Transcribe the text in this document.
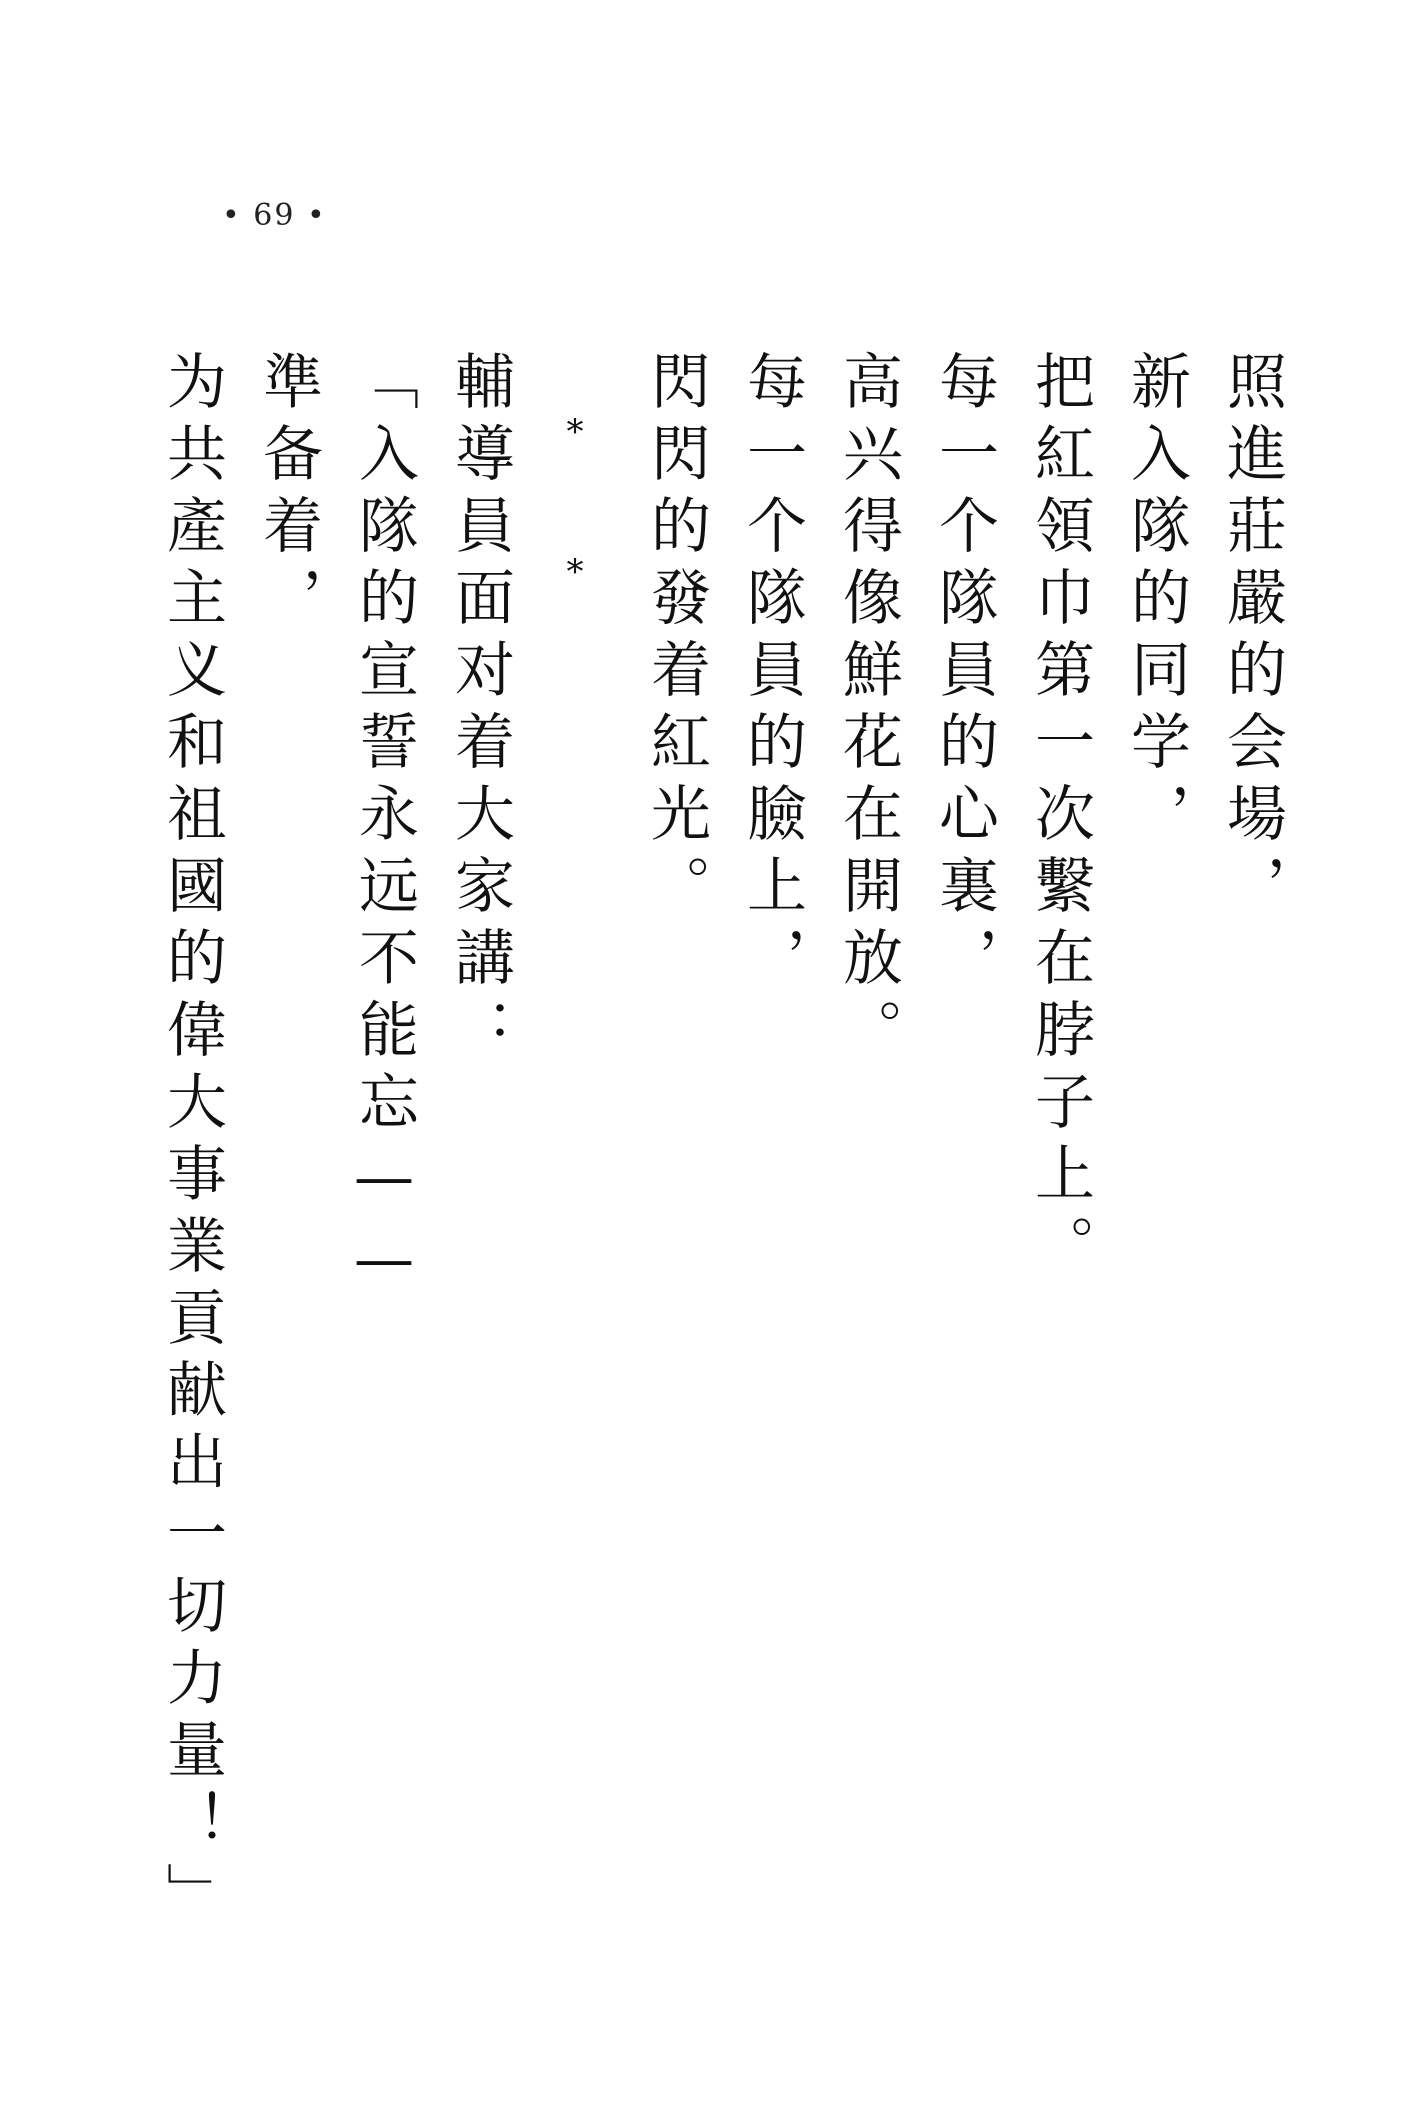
• 69 •
照進莊嚴的会場，
新入隊的同学，
把紅領巾第一次繫在脖子上。
每一个隊員的心裏，
高兴得像鮮花在開放。
每一个隊員的臉上，
閃閃的發着紅光。
**
輔導員面对着大家講：
「入隊的宣誓永远不能忘——
準备着，
为共產主义和祖國的偉大事業貢献出一切力量！」
